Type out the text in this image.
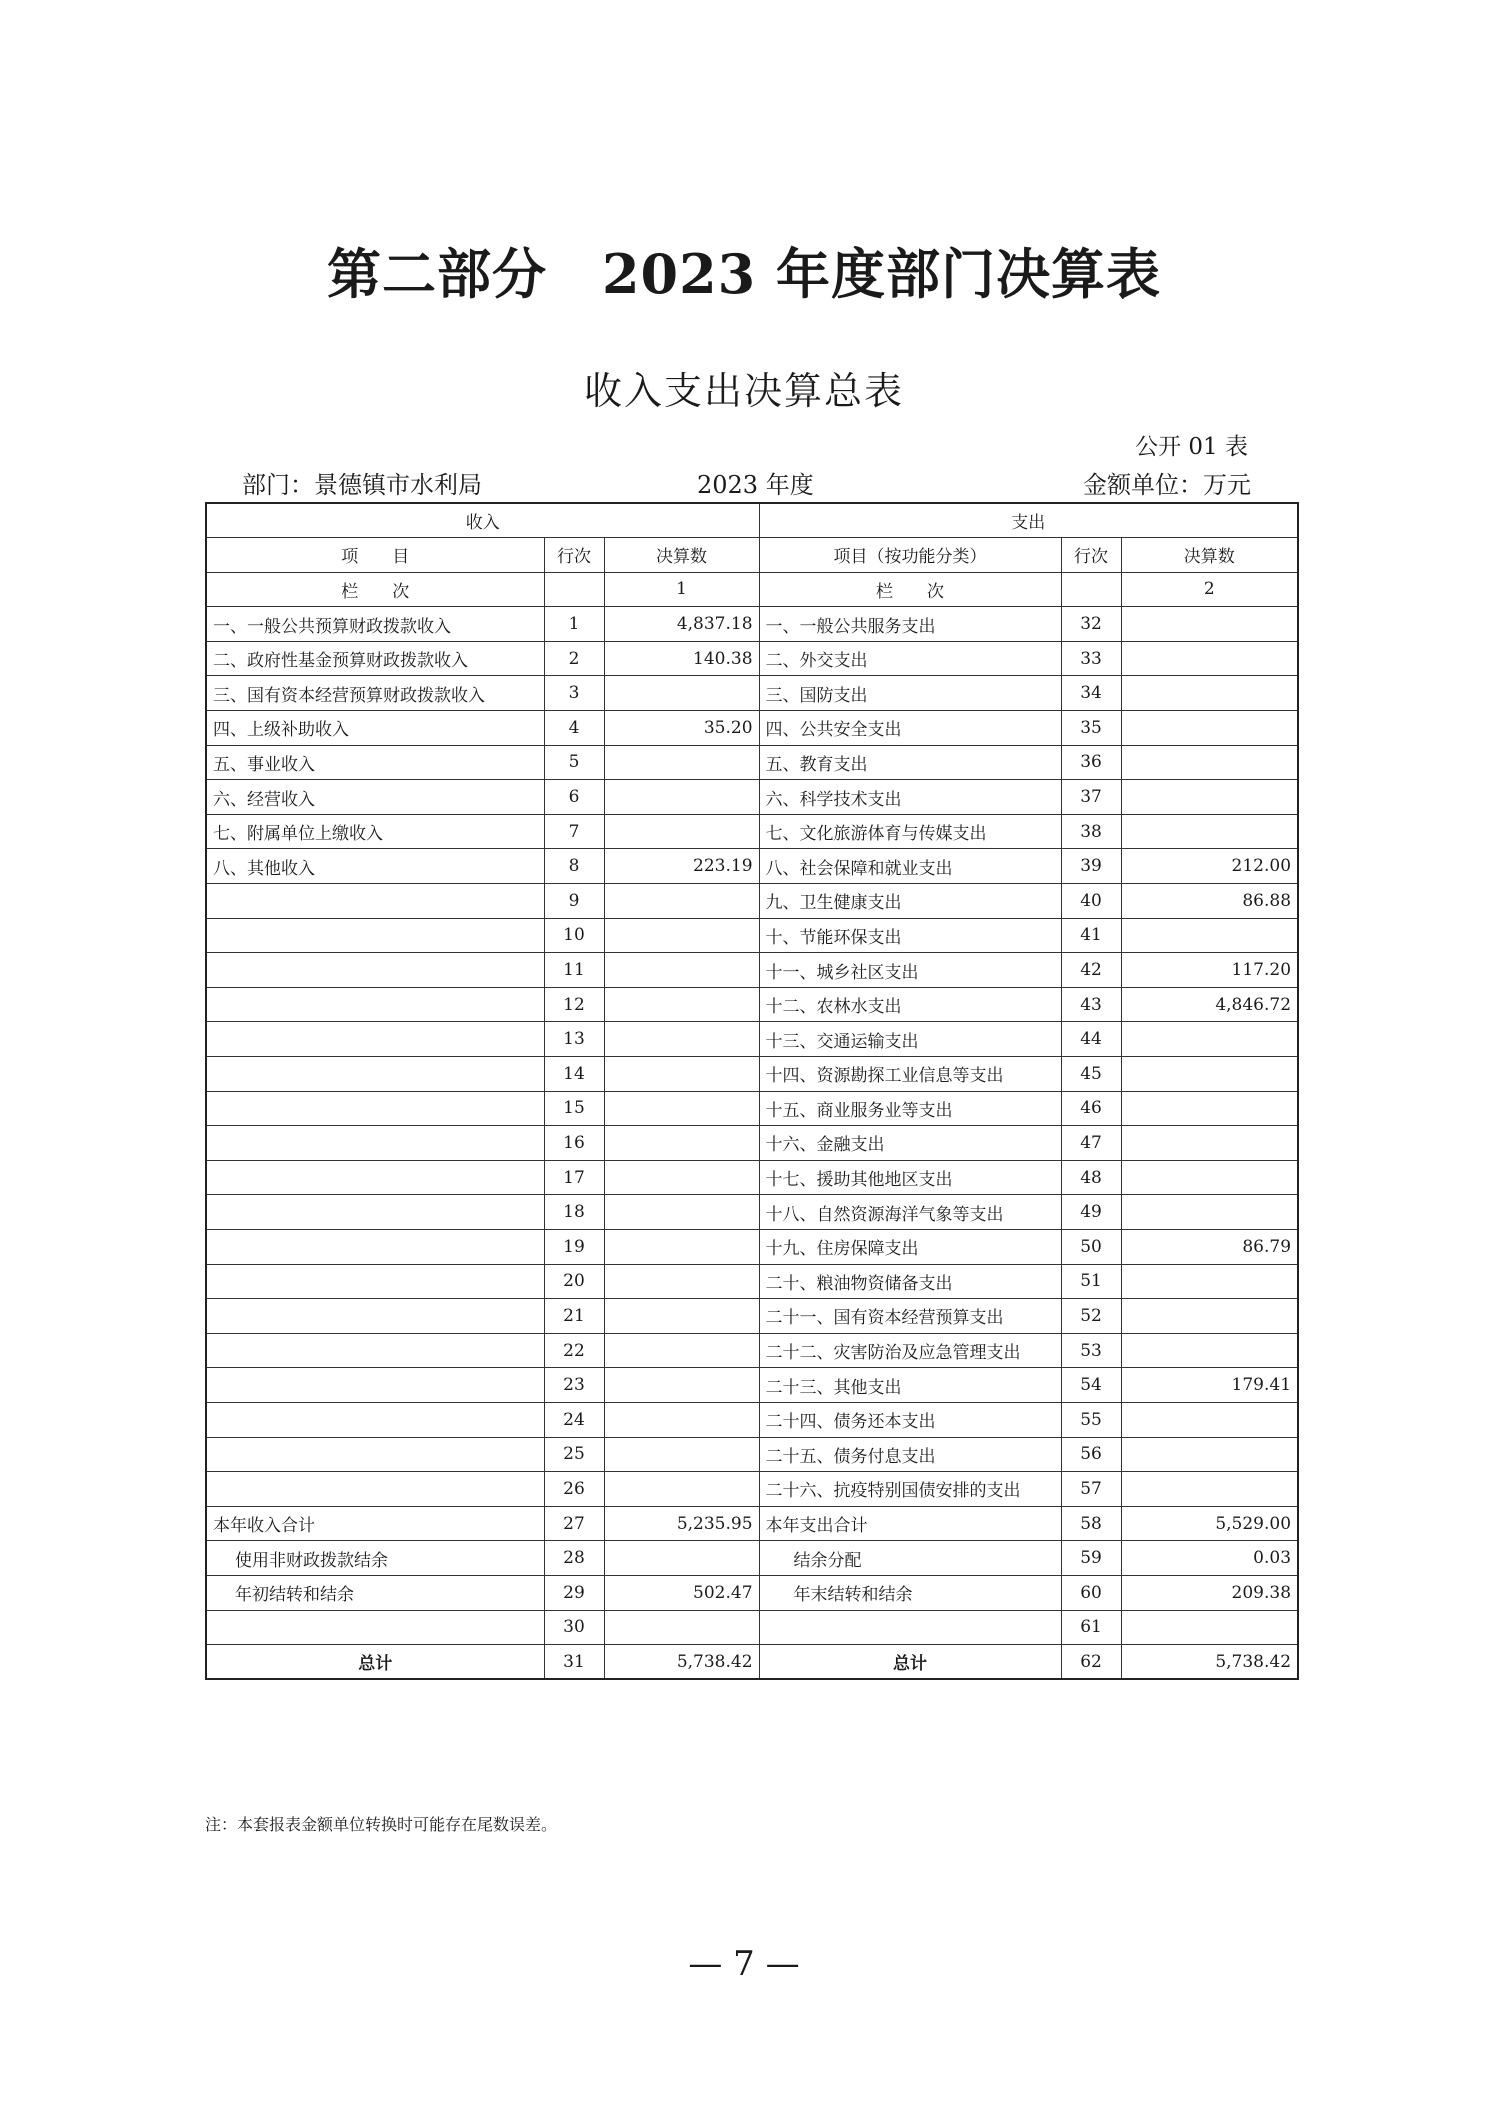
第二部分　2023 年度部门决算表
收入支出决算总表
公开 01 表
部门：景德镇市水利局	2023 年度	金额单位：万元
收入			支出		
项　　目	行次	决算数	项目（按功能分类）	行次	决算数
栏　　次		1	栏　　次		2
一、一般公共预算财政拨款收入	1	4,837.18	一、一般公共服务支出	32	
二、政府性基金预算财政拨款收入	2	140.38	二、外交支出	33	
三、国有资本经营预算财政拨款收入	3		三、国防支出	34	
四、上级补助收入	4	35.20	四、公共安全支出	35	
五、事业收入	5		五、教育支出	36	
六、经营收入	6		六、科学技术支出	37	
七、附属单位上缴收入	7		七、文化旅游体育与传媒支出	38	
八、其他收入	8	223.19	八、社会保障和就业支出	39	212.00
	9		九、卫生健康支出	40	86.88
	10		十、节能环保支出	41	
	11		十一、城乡社区支出	42	117.20
	12		十二、农林水支出	43	4,846.72
	13		十三、交通运输支出	44	
	14		十四、资源勘探工业信息等支出	45	
	15		十五、商业服务业等支出	46	
	16		十六、金融支出	47	
	17		十七、援助其他地区支出	48	
	18		十八、自然资源海洋气象等支出	49	
	19		十九、住房保障支出	50	86.79
	20		二十、粮油物资储备支出	51	
	21		二十一、国有资本经营预算支出	52	
	22		二十二、灾害防治及应急管理支出	53	
	23		二十三、其他支出	54	179.41
	24		二十四、债务还本支出	55	
	25		二十五、债务付息支出	56	
	26		二十六、抗疫特别国债安排的支出	57	
本年收入合计	27	5,235.95	本年支出合计	58	5,529.00
使用非财政拨款结余	28		结余分配	59	0.03
年初结转和结余	29	502.47	年末结转和结余	60	209.38
	30			61	
总计	31	5,738.42	总计	62	5,738.42
注：本套报表金额单位转换时可能存在尾数误差。
— 7 —
